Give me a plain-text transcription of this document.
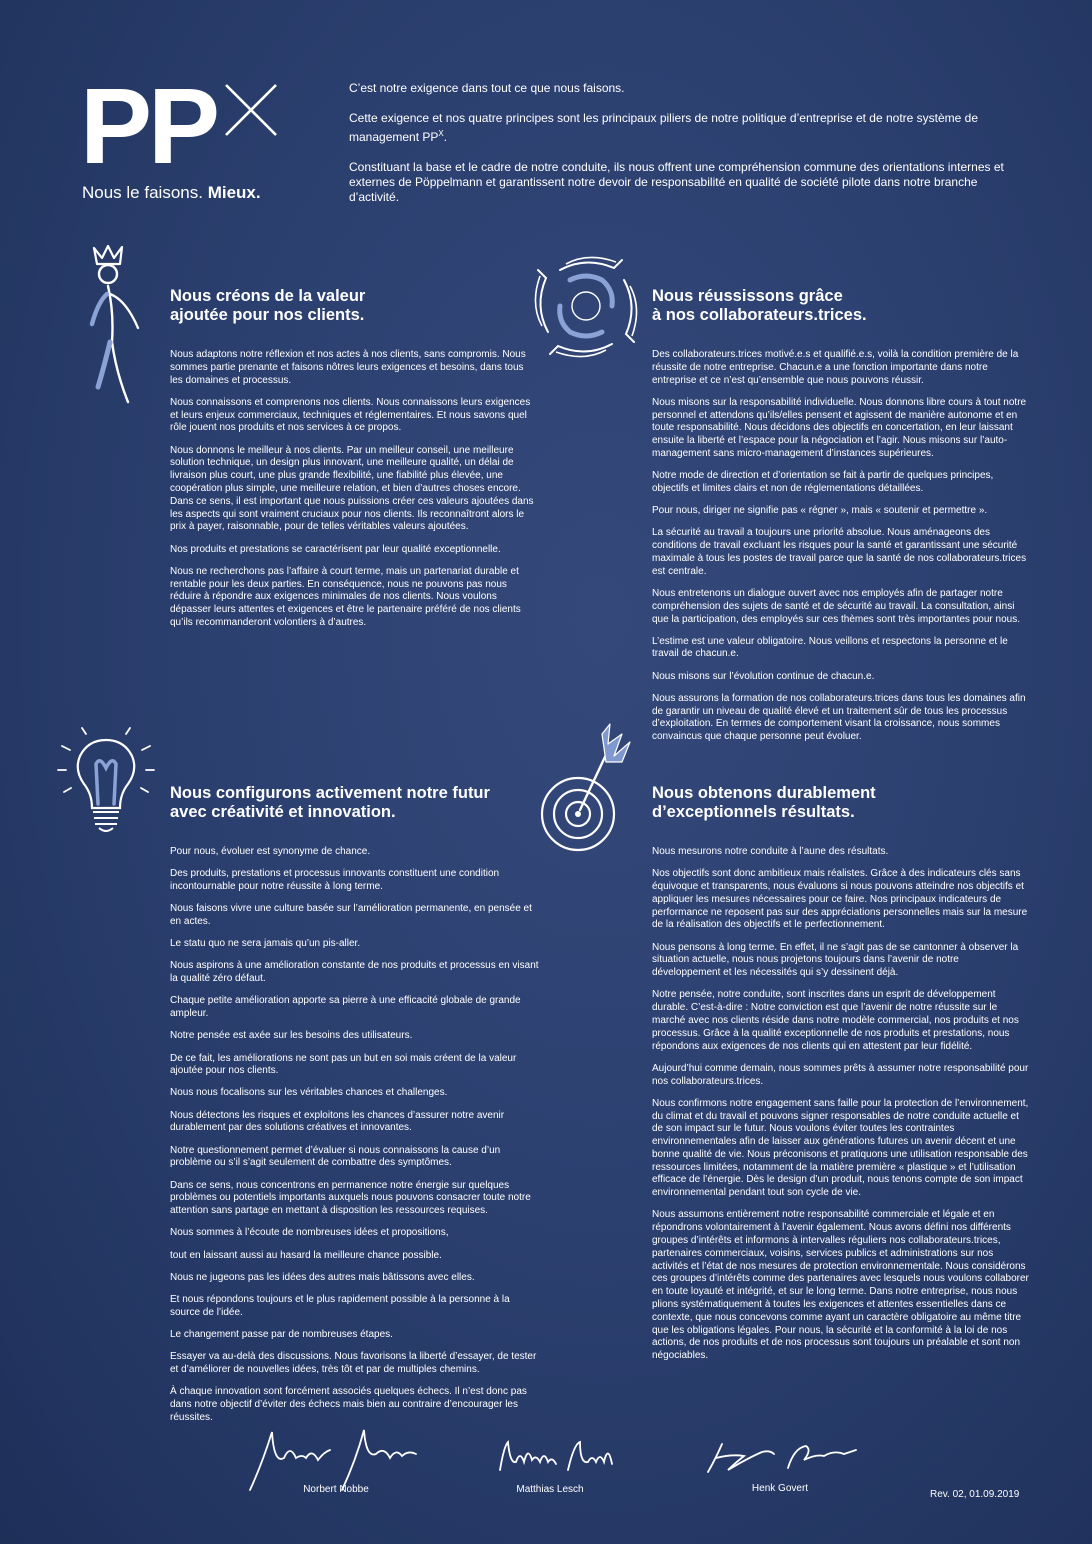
PP
Nous le faisons. Mieux.

C’est notre exigence dans tout ce que nous faisons.

Cette exigence et nos quatre principes sont les principaux piliers de notre politique d’entreprise et de notre système de management $PP^X$.

Constituant la base et le cadre de notre conduite, ils nous offrent une compréhension commune des orientations internes et externes de Pöppelmann et garantissent notre devoir de responsabilité en qualité de société pilote dans notre branche d’activité.

Nous créons de la valeur
ajoutée pour nos clients.

Nous adaptons notre réflexion et nos actes à nos clients, sans compromis. Nous sommes partie prenante et faisons nôtres leurs exigences et besoins, dans tous les domaines et processus.

Nous connaissons et comprenons nos clients. Nous connaissons leurs exigences et leurs enjeux commerciaux, techniques et réglementaires. Et nous savons quel rôle jouent nos produits et nos services à ce propos.

Nous donnons le meilleur à nos clients. Par un meilleur conseil, une meilleure solution technique, un design plus innovant, une meilleure qualité, un délai de livraison plus court, une plus grande flexibilité, une fiabilité plus élevée, une coopération plus simple, une meilleure relation, et bien d’autres choses encore. Dans ce sens, il est important que nous puissions créer ces valeurs ajoutées dans les aspects qui sont vraiment cruciaux pour nos clients. Ils reconnaîtront alors le prix à payer, raisonnable, pour de telles véritables valeurs ajoutées.

Nos produits et prestations se caractérisent par leur qualité exceptionnelle.

Nous ne recherchons pas l’affaire à court terme, mais un partenariat durable et rentable pour les deux parties. En conséquence, nous ne pouvons pas nous réduire à répondre aux exigences minimales de nos clients. Nous voulons dépasser leurs attentes et exigences et être le partenaire préféré de nos clients qu’ils recommanderont volontiers à d’autres.

Nous réussissons grâce
à nos collaborateurs.trices.

Des collaborateurs.trices motivé.e.s et qualifié.e.s, voilà la condition première de la réussite de notre entreprise. Chacun.e a une fonction importante dans notre entreprise et ce n’est qu’ensemble que nous pouvons réussir.

Nous misons sur la responsabilité individuelle. Nous donnons libre cours à tout notre personnel et attendons qu’ils/elles pensent et agissent de manière autonome et en toute responsabilité. Nous décidons des objectifs en concertation, en leur laissant ensuite la liberté et l’espace pour la négociation et l’agir. Nous misons sur l’auto-management sans micro-management d’instances supérieures.

Notre mode de direction et d’orientation se fait à partir de quelques principes, objectifs et limites clairs et non de réglementations détaillées.

Pour nous, diriger ne signifie pas « régner », mais « soutenir et permettre ».

La sécurité au travail a toujours une priorité absolue. Nous aménageons des conditions de travail excluant les risques pour la santé et garantissant une sécurité maximale à tous les postes de travail parce que la santé de nos collaborateurs.trices est centrale.

Nous entretenons un dialogue ouvert avec nos employés afin de partager notre compréhension des sujets de santé et de sécurité au travail. La consultation, ainsi que la participation, des employés sur ces thèmes sont très importantes pour nous.

L’estime est une valeur obligatoire. Nous veillons et respectons la personne et le travail de chacun.e.

Nous misons sur l’évolution continue de chacun.e.

Nous assurons la formation de nos collaborateurs.trices dans tous les domaines afin de garantir un niveau de qualité élevé et un traitement sûr de tous les processus d’exploitation. En termes de comportement visant la croissance, nous sommes convaincus que chaque personne peut évoluer.

Nous configurons activement notre futur
avec créativité et innovation.

Pour nous, évoluer est synonyme de chance.

Des produits, prestations et processus innovants constituent une condition incontournable pour notre réussite à long terme.

Nous faisons vivre une culture basée sur l’amélioration permanente, en pensée et en actes.

Le statu quo ne sera jamais qu’un pis-aller.

Nous aspirons à une amélioration constante de nos produits et processus en visant la qualité zéro défaut.

Chaque petite amélioration apporte sa pierre à une efficacité globale de grande ampleur.

Notre pensée est axée sur les besoins des utilisateurs.

De ce fait, les améliorations ne sont pas un but en soi mais créent de la valeur ajoutée pour nos clients.

Nous nous focalisons sur les véritables chances et challenges.

Nous détectons les risques et exploitons les chances d’assurer notre avenir durablement par des solutions créatives et innovantes.

Notre questionnement permet d’évaluer si nous connaissons la cause d’un problème ou s’il s’agit seulement de combattre des symptômes.

Dans ce sens, nous concentrons en permanence notre énergie sur quelques problèmes ou potentiels importants auxquels nous pouvons consacrer toute notre attention sans partage en mettant à disposition les ressources requises.

Nous sommes à l’écoute de nombreuses idées et propositions,

tout en laissant aussi au hasard la meilleure chance possible.

Nous ne jugeons pas les idées des autres mais bâtissons avec elles.

Et nous répondons toujours et le plus rapidement possible à la personne à la source de l’idée.

Le changement passe par de nombreuses étapes.

Essayer va au-delà des discussions. Nous favorisons la liberté d’essayer, de tester et d’améliorer de nouvelles idées, très tôt et par de multiples chemins.

À chaque innovation sont forcément associés quelques échecs. Il n’est donc pas dans notre objectif d’éviter des échecs mais bien au contraire d’encourager les réussites.

Nous obtenons durablement
d’exceptionnels résultats.

Nous mesurons notre conduite à l’aune des résultats.

Nos objectifs sont donc ambitieux mais réalistes. Grâce à des indicateurs clés sans équivoque et transparents, nous évaluons si nous pouvons atteindre nos objectifs et appliquer les mesures nécessaires pour ce faire. Nos principaux indicateurs de performance ne reposent pas sur des appréciations personnelles mais sur la mesure de la réalisation des objectifs et le perfectionnement.

Nous pensons à long terme. En effet, il ne s’agit pas de se cantonner à observer la situation actuelle, nous nous projetons toujours dans l’avenir de notre développement et les nécessités qui s’y dessinent déjà.

Notre pensée, notre conduite, sont inscrites dans un esprit de développement durable. C’est-à-dire : Notre conviction est que l’avenir de notre réussite sur le marché avec nos clients réside dans notre modèle commercial, nos produits et nos processus. Grâce à la qualité exceptionnelle de nos produits et prestations, nous répondons aux exigences de nos clients qui en attestent par leur fidélité.

Aujourd’hui comme demain, nous sommes prêts à assumer notre responsabilité pour nos collaborateurs.trices.

Nous confirmons notre engagement sans faille pour la protection de l’environnement, du climat et du travail et pouvons signer responsables de notre conduite actuelle et de son impact sur le futur. Nous voulons éviter toutes les contraintes environnementales afin de laisser aux générations futures un avenir décent et une bonne qualité de vie. Nous préconisons et pratiquons une utilisation responsable des ressources limitées, notamment de la matière première « plastique » et l’utilisation efficace de l’énergie. Dès le design d’un produit, nous tenons compte de son impact environnemental pendant tout son cycle de vie.

Nous assumons entièrement notre responsabilité commerciale et légale et en répondrons volontairement à l’avenir également. Nous avons défini nos différents groupes d’intérêts et informons à intervalles réguliers nos collaborateurs.trices, partenaires commerciaux, voisins, services publics et administrations sur nos activités et l’état de nos mesures de protection environnementale. Nous considérons ces groupes d’intérêts comme des partenaires avec lesquels nous voulons collaborer en toute loyauté et intégrité, et sur le long terme. Dans notre entreprise, nous nous plions systématiquement à toutes les exigences et attentes essentielles dans ce contexte, que nous concevons comme ayant un caractère obligatoire au même titre que les obligations légales. Pour nous, la sécurité et la conformité à la loi de nos actions, de nos produits et de nos processus sont toujours un préalable et sont non négociables.

Norbert Nobbe	Matthias Lesch	Henk Govert
Rev. 02, 01.09.2019
